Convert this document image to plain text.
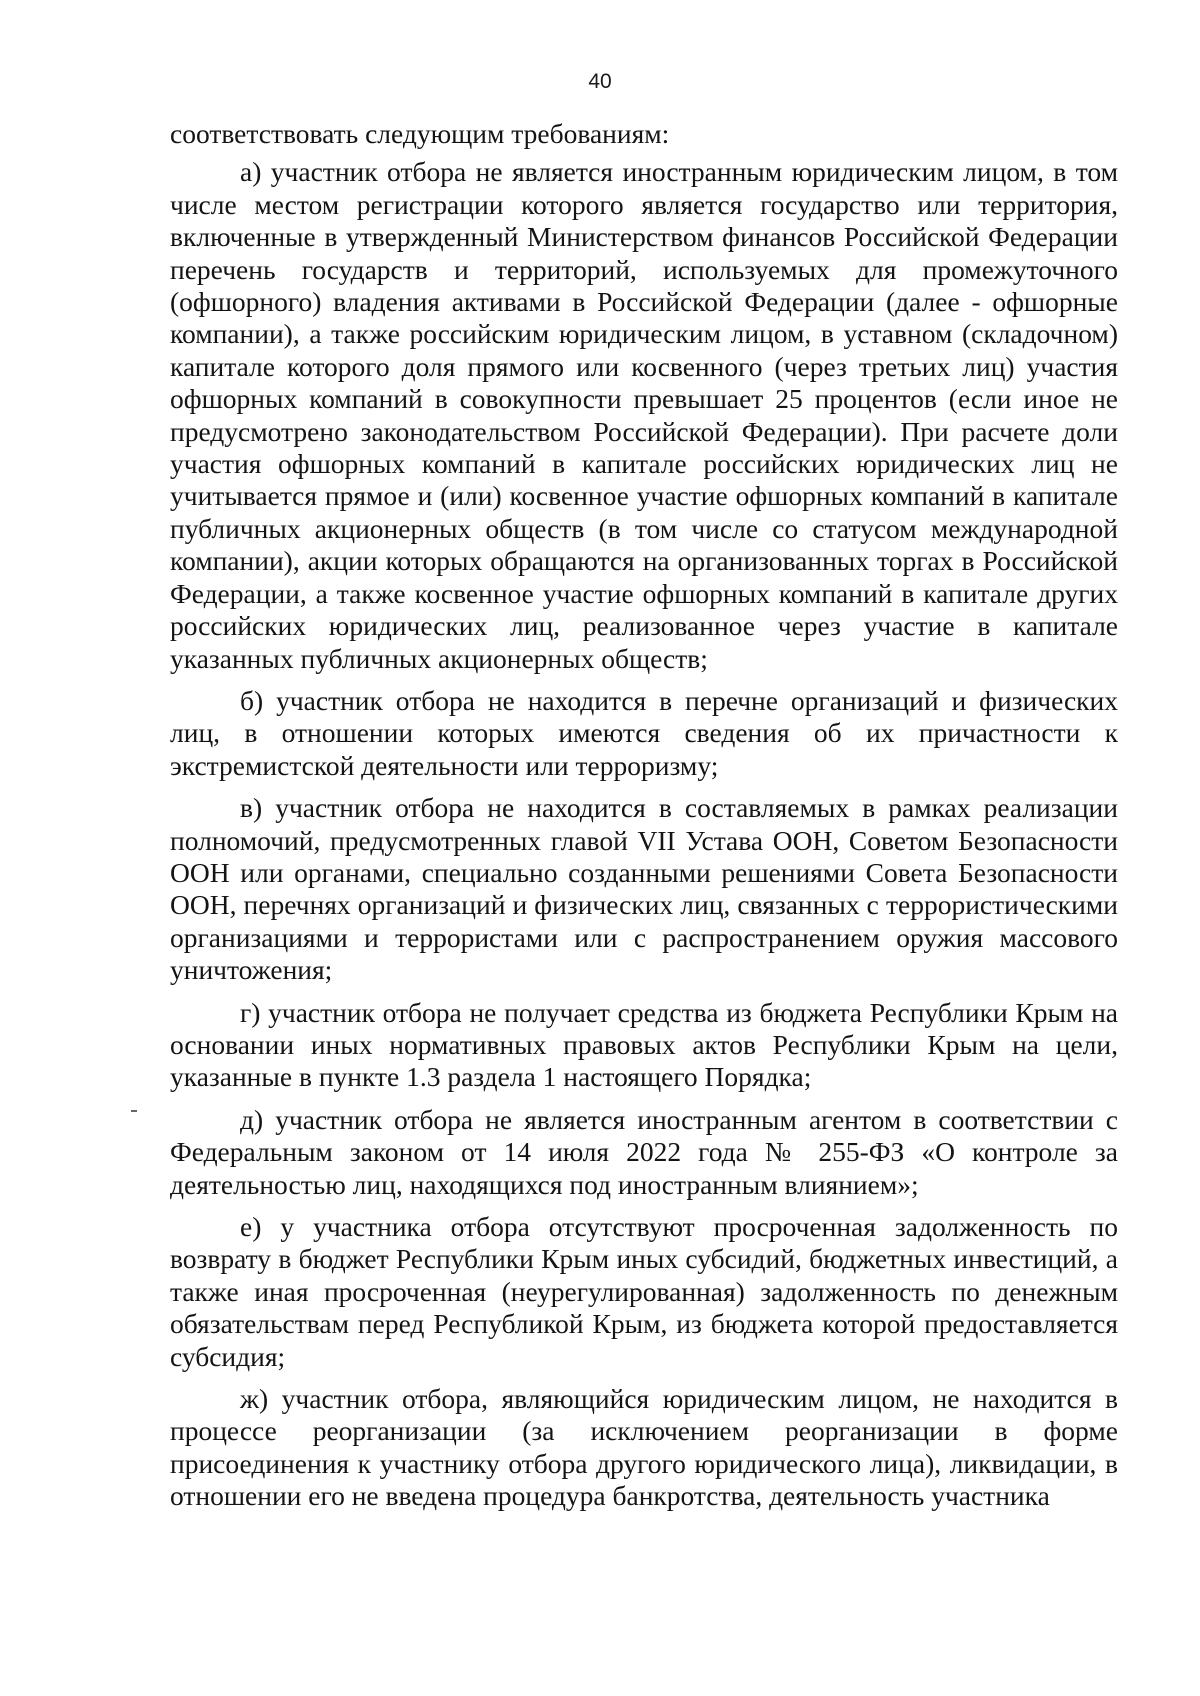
40

соответствовать следующим требованиям:

а) участник отбора не является иностранным юридическим лицом, в том числе местом регистрации которого является государство или территория, включенные в утвержденный Министерством финансов Российской Федерации перечень государств и территорий, используемых для промежуточного (офшорного) владения активами в Российской Федерации (далее - офшорные компании), а также российским юридическим лицом, в уставном (складочном) капитале которого доля прямого или косвенного (через третьих лиц) участия офшорных компаний в совокупности превышает 25 процентов (если иное не предусмотрено законодательством Российской Федерации). При расчете доли участия офшорных компаний в капитале российских юридических лиц не учитывается прямое и (или) косвенное участие офшорных компаний в капитале публичных акционерных обществ (в том числе со статусом международной компании), акции которых обращаются на организованных торгах в Российской Федерации, а также косвенное участие офшорных компаний в капитале других российских юридических лиц, реализованное через участие в капитале указанных публичных акционерных обществ;

б) участник отбора не находится в перечне организаций и физических лиц, в отношении которых имеются сведения об их причастности к экстремистской деятельности или терроризму;

в) участник отбора не находится в составляемых в рамках реализации полномочий, предусмотренных главой VII Устава ООН, Советом Безопасности ООН или органами, специально созданными решениями Совета Безопасности ООН, перечнях организаций и физических лиц, связанных с террористическими организациями и террористами или с распространением оружия массового уничтожения;

г) участник отбора не получает средства из бюджета Республики Крым на основании иных нормативных правовых актов Республики Крым на цели, указанные в пункте 1.3 раздела 1 настоящего Порядка;

д) участник отбора не является иностранным агентом в соответствии с Федеральным законом от 14 июля 2022 года № 255-ФЗ «О контроле за деятельностью лиц, находящихся под иностранным влиянием»;

е) у участника отбора отсутствуют просроченная задолженность по возврату в бюджет Республики Крым иных субсидий, бюджетных инвестиций, а также иная просроченная (неурегулированная) задолженность по денежным обязательствам перед Республикой Крым, из бюджета которой предоставляется субсидия;

ж) участник отбора, являющийся юридическим лицом, не находится в процессе реорганизации (за исключением реорганизации в форме присоединения к участнику отбора другого юридического лица), ликвидации, в отношении его не введена процедура банкротства, деятельность участника
